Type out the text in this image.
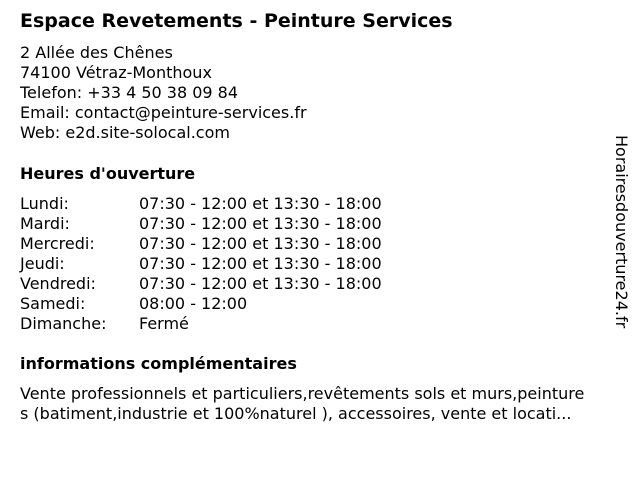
Espace Revetements - Peinture Services
2 Allée des Chênes
74100 Vétraz-Monthoux
Telefon: +33 4 50 38 09 84
Email: contact@peinture-services.fr
Web: e2d.site-solocal.com
Heures d'ouverture
Lundi:	07:30 - 12:00 et 13:30 - 18:00
Mardi:	07:30 - 12:00 et 13:30 - 18:00
Mercredi:	07:30 - 12:00 et 13:30 - 18:00
Jeudi:	07:30 - 12:00 et 13:30 - 18:00
Vendredi:	07:30 - 12:00 et 13:30 - 18:00
Samedi:	08:00 - 12:00
Dimanche:	Fermé
informations complémentaires
Vente professionnels et particuliers,revêtements sols et murs,peinture
s (batiment,industrie et 100%naturel ), accessoires, vente et locati...
Horairesdouverture24.fr
